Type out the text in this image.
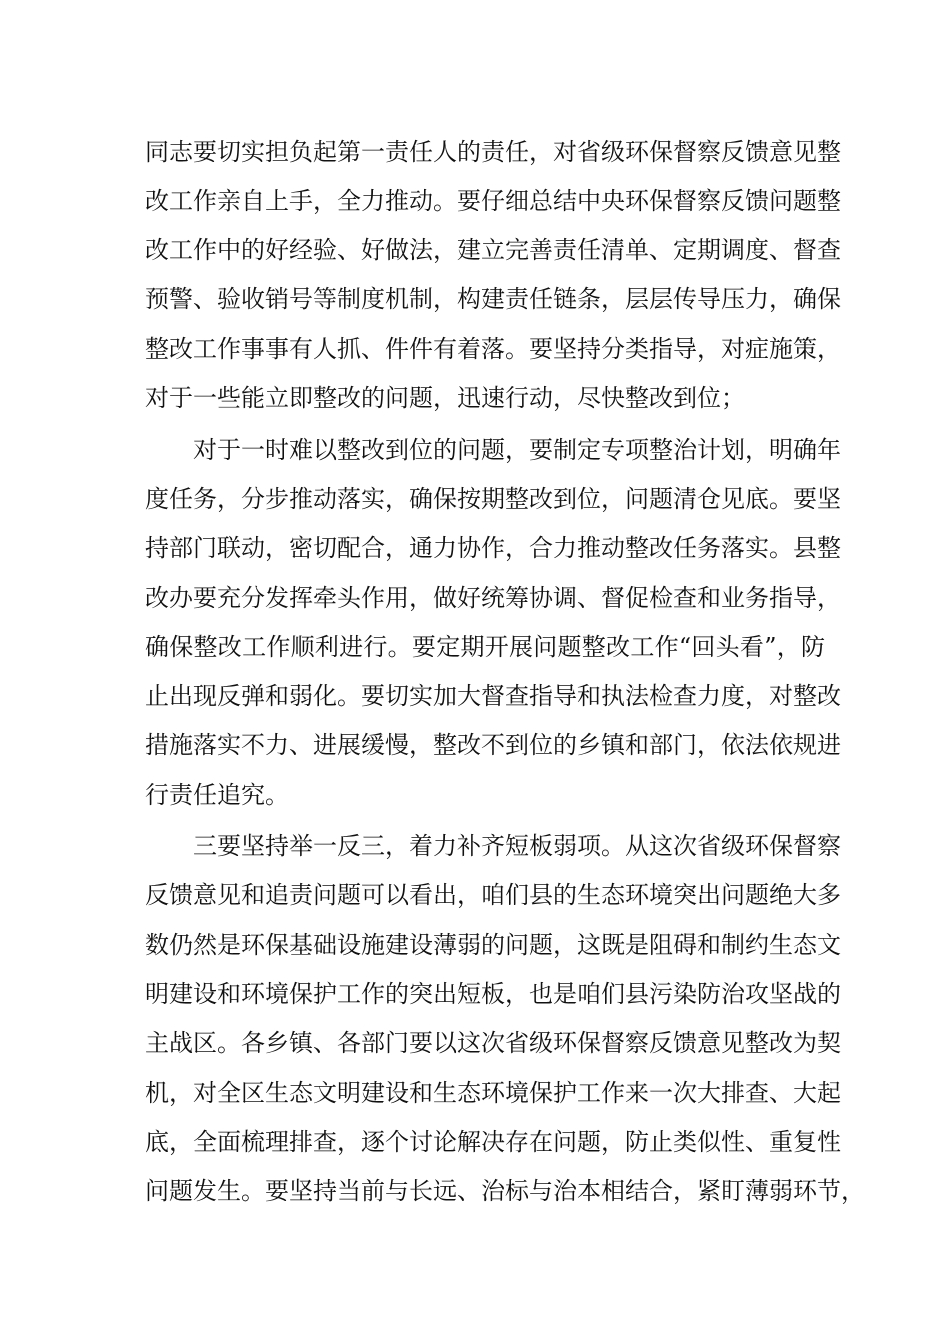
同志要切实担负起第一责任人的责任，对省级环保督察反馈意见整
改工作亲自上手，全力推动。要仔细总结中央环保督察反馈问题整
改工作中的好经验、好做法，建立完善责任清单、定期调度、督查
预警、验收销号等制度机制，构建责任链条，层层传导压力，确保
整改工作事事有人抓、件件有着落。要坚持分类指导，对症施策，
对于一些能立即整改的问题，迅速行动，尽快整改到位；
对于一时难以整改到位的问题，要制定专项整治计划，明确年
度任务，分步推动落实，确保按期整改到位，问题清仓见底。要坚
持部门联动，密切配合，通力协作，合力推动整改任务落实。县整
改办要充分发挥牵头作用，做好统筹协调、督促检查和业务指导，
确保整改工作顺利进行。要定期开展问题整改工作“回头看”，防
止出现反弹和弱化。要切实加大督查指导和执法检查力度，对整改
措施落实不力、进展缓慢，整改不到位的乡镇和部门，依法依规进
行责任追究。
三要坚持举一反三，着力补齐短板弱项。从这次省级环保督察
反馈意见和追责问题可以看出，咱们县的生态环境突出问题绝大多
数仍然是环保基础设施建设薄弱的问题，这既是阻碍和制约生态文
明建设和环境保护工作的突出短板，也是咱们县污染防治攻坚战的
主战区。各乡镇、各部门要以这次省级环保督察反馈意见整改为契
机，对全区生态文明建设和生态环境保护工作来一次大排查、大起
底，全面梳理排查，逐个讨论解决存在问题，防止类似性、重复性
问题发生。要坚持当前与长远、治标与治本相结合，紧盯薄弱环节，
